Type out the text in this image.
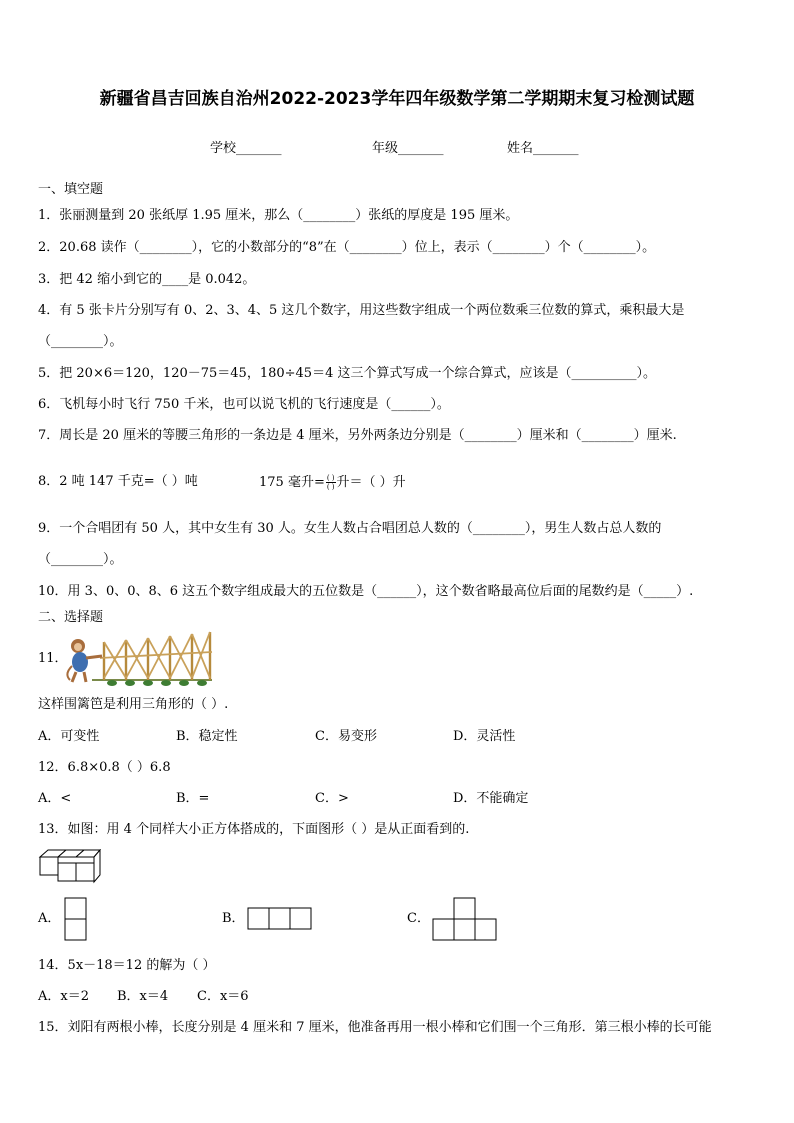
新疆省昌吉回族自治州2022-2023学年四年级数学第二学期期末复习检测试题
学校_______	年级_______	姓名_______
一、填空题
1．张丽测量到 20 张纸厚 1.95 厘米，那么（________）张纸的厚度是 195 厘米。
2．20.68 读作（________），它的小数部分的“8”在（________）位上，表示（________）个（________）。
3．把 42 缩小到它的____是 0.042。
4．有 5 张卡片分别写有 0、2、3、4、5 这几个数字，用这些数字组成一个两位数乘三位数的算式，乘积最大是
（________）。
5．把 20×6＝120，120－75＝45，180÷45＝4 这三个算式写成一个综合算式，应该是（__________）。
6．飞机每小时飞行 750 千米，也可以说飞机的飞行速度是（______）。
7．周长是 20 厘米的等腰三角形的一条边是 4 厘米，另外两条边分别是（________）厘米和（________）厘米.
8．2 吨 147 千克=（ ）吨	175 毫升= $\frac{( )}{( )}$ 升＝（ ）升
9．一个合唱团有 50 人，其中女生有 30 人。女生人数占合唱团总人数的（________），男生人数占总人数的
（________）。
10．用 3、0、0、8、6 这五个数字组成最大的五位数是（______），这个数省略最高位后面的尾数约是（_____）.
二、选择题
11．
这样围篱笆是利用三角形的（ ）.
A．可变性	B．稳定性	C．易变形	D．灵活性
12．6.8×0.8（ ）6.8
A．<	B．=	C．>	D．不能确定
13．如图：用 4 个同样大小正方体搭成的，下面图形（ ）是从正面看到的.
A．	B．	C．
14．5x－18＝12 的解为（ ）
A．x＝2 B．x＝4 C．x＝6
15．刘阳有两根小棒，长度分别是 4 厘米和 7 厘米，他准备再用一根小棒和它们围一个三角形．第三根小棒的长可能
